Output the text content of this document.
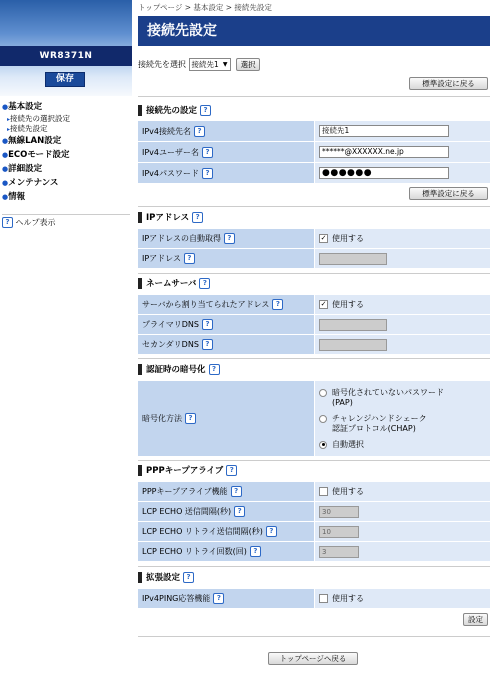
WR8371N
保存
●基本設定
▸接続先の選択設定
▸接続先設定
●無線LAN設定
●ECOモード設定
●詳細設定
●メンテナンス
●情報
? ヘルプ表示
トップページ > 基本設定 > 接続先設定
接続先設定
接続先を選択 接続先1 ▼ 選択
標準設定に戻る
接続先の設定 ?
IPv4接続先名 ?	接続先1
IPv4ユーザー名 ?	******@XXXXXX.ne.jp
IPv4パスワード ?	●●●●●●
標準設定に戻る
IPアドレス ?
IPアドレスの自動取得 ?	✓ 使用する
IPアドレス ?
ネームサーバ ?
サーバから割り当てられたアドレス ?	✓ 使用する
プライマリDNS ?
セカンダリDNS ?
認証時の暗号化 ?
暗号化方法 ?
暗号化されていないパスワード
(PAP)
チャレンジハンドシェーク
認証プロトコル(CHAP)
自動選択
PPPキープアライブ ?
PPPキープアライブ機能 ?	使用する
LCP ECHO 送信間隔(秒) ?	30
LCP ECHO リトライ送信間隔(秒) ?	10
LCP ECHO リトライ回数(回) ?	3
拡張設定 ?
IPv4PING応答機能 ?	使用する
設定
トップページへ戻る
